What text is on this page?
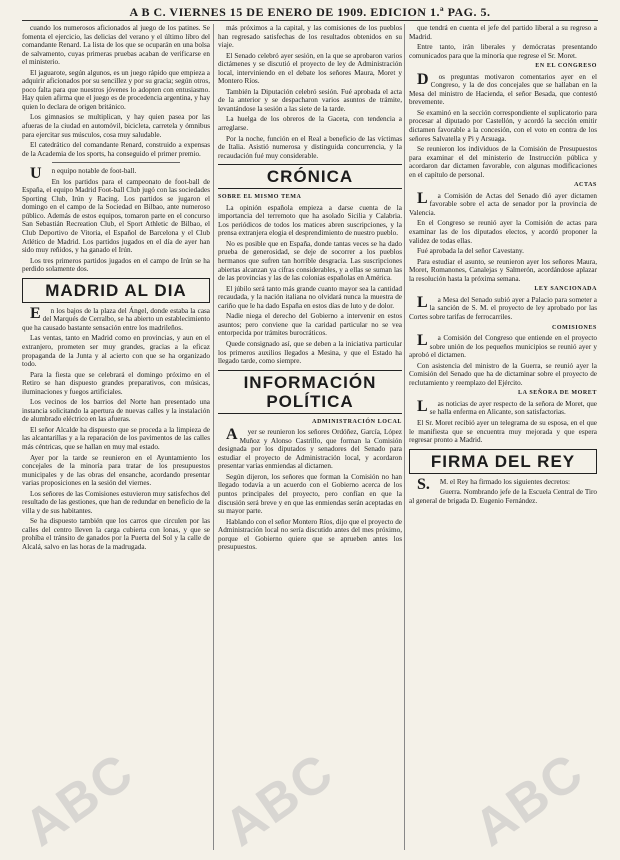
A B C. VIERNES 15 DE ENERO DE 1909. EDICION 1.ª PAG. 5.

cuando los numerosos aficionados al juego de los patines. Se fomenta el ejercicio, las delicias del verano y el último libro del comandante Renard. La lista de los que se ocuparán en una bolsa de salvamento, cuyas primeras pruebas acaban de verificarse en el ministerio.

El jaguarote, según algunos, es un juego rápido que empieza a adquirir aficionados por su sencillez y por su gracia; según otros, poco falta para que nuestros jóvenes lo adopten con entusiasmo. Hay quien afirma que el juego es de procedencia argentina, y hay quien lo declara de origen británico.

Los gimnasios se multiplican, y hay quien pasea por las afueras de la ciudad en automóvil, bicicleta, carretela y ómnibus para ejercitar sus músculos, cosa muy saludable.

El catedrático del comandante Renard, construido a expensas de la Academia de los sports, ha conseguido el primer premio.

Un equipo notable de foot-ball.

En los partidos para el campeonato de foot-ball de España, el equipo Madrid Foot-ball Club jugó con las sociedades Sporting Club, Irún y Racing. Los partidos se jugaron el domingo en el campo de la Sociedad en Bilbao, ante numeroso público. Además de estos equipos, tomaron parte en el concurso San Sebastián Recreation Club, el Sport Athletic de Bilbao, el Club Deportivo de Vitoria, el Español de Barcelona y el Club Atlético de Madrid. Los partidos jugados en el día de ayer han sido muy reñidos, y ha ganado el Irún.

Los tres primeros partidos jugados en el campo de Irún se ha perdido solamente dos.

MADRID AL DIA

En los bajos de la plaza del Ángel, donde estaba la casa del Marqués de Cerralbo, se ha abierto un establecimiento que ha causado bastante sensación entre los madrileños.

Las ventas, tanto en Madrid como en provincias, y aun en el extranjero, prometen ser muy grandes, gracias a la eficaz propaganda de la Junta y al acierto con que se ha organizado todo.

Para la fiesta que se celebrará el domingo próximo en el Retiro se han dispuesto grandes preparativos, con músicas, iluminaciones y fuegos artificiales.

Los vecinos de los barrios del Norte han presentado una instancia solicitando la apertura de nuevas calles y la instalación de alumbrado eléctrico en las afueras.

El señor Alcalde ha dispuesto que se proceda a la limpieza de las alcantarillas y a la reparación de los pavimentos de las calles más céntricas, que se hallan en muy mal estado.

Ayer por la tarde se reunieron en el Ayuntamiento los concejales de la minoría para tratar de los presupuestos municipales y de las obras del ensanche, acordando presentar varias proposiciones en la sesión del viernes.

Los señores de las Comisiones estuvieron muy satisfechos del resultado de las gestiones, que han de redundar en beneficio de la villa y de sus habitantes.

Se ha dispuesto también que los carros que circulen por las calles del centro lleven la carga cubierta con lonas, y que se prohíba el tránsito de ganados por la Puerta del Sol y la calle de Alcalá, salvo en las horas de la madrugada.

más próximos a la capital, y las comisiones de los pueblos han regresado satisfechas de los resultados obtenidos en su viaje.

El Senado celebró ayer sesión, en la que se aprobaron varios dictámenes y se discutió el proyecto de ley de Administración local, interviniendo en el debate los señores Maura, Moret y Montero Ríos.

También la Diputación celebró sesión. Fué aprobada el acta de la anterior y se despacharon varios asuntos de trámite, levantándose la sesión a las siete de la tarde.

La huelga de los obreros de la Gaceta, con tendencia a arreglarse.

Por la noche, función en el Real a beneficio de las víctimas de Italia. Asistió numerosa y distinguida concurrencia, y la recaudación fué muy considerable.

CRÓNICA
SOBRE EL MISMO TEMA

La opinión española empieza a darse cuenta de la importancia del terremoto que ha asolado Sicilia y Calabria. Los periódicos de todos los matices abren suscripciones, y la prensa extranjera elogia el desprendimiento de nuestro pueblo.

No es posible que en España, donde tantas veces se ha dado prueba de generosidad, se deje de socorrer a los pueblos hermanos que sufren tan horrible desgracia. Las suscripciones abiertas alcanzan ya cifras considerables, y a ellas se suman las de las provincias y las de las colonias españolas en América.

El júbilo será tanto más grande cuanto mayor sea la cantidad recaudada, y la nación italiana no olvidará nunca la muestra de cariño que le ha dado España en estos días de luto y de dolor.

Nadie niega el derecho del Gobierno a intervenir en estos asuntos; pero conviene que la caridad particular no se vea entorpecida por trámites burocráticos.

Quede consignado así, que se deben a la iniciativa particular los primeros auxilios llegados a Mesina, y que el Estado ha llegado tarde, como siempre.

INFORMACIÓN POLÍTICA
ADMINISTRACIÓN LOCAL

Ayer se reunieron los señores Ordóñez, García, López Muñoz y Alonso Castrillo, que forman la Comisión designada por los diputados y senadores del Senado para estudiar el proyecto de Administración local, y acordaron presentar varias enmiendas al dictamen.

Según dijeron, los señores que forman la Comisión no han llegado todavía a un acuerdo con el Gobierno acerca de los puntos principales del proyecto, pero confían en que la discusión será breve y en que las enmiendas serán aceptadas en su mayor parte.

Hablando con el señor Montero Ríos, dijo que el proyecto de Administración local no sería discutido antes del mes próximo, porque el Gobierno quiere que se aprueben antes los presupuestos.

que tendrá en cuenta el jefe del partido liberal a su regreso a Madrid.

Entre tanto, irán liberales y demócratas presentando comunicados para que la minoría que regrese el Sr. Moret.

EN EL CONGRESO

Dos preguntas motivaron comentarios ayer en el Congreso, y la de dos concejales que se hallaban en la Mesa del ministro de Hacienda, el señor Besada, que contestó brevemente.

Se examinó en la sección correspondiente el suplicatorio para procesar al diputado por Castellón, y acordó la sección emitir dictamen favorable a la concesión, con el voto en contra de los señores Salvatella y Pi y Arsuaga.

Se reunieron los individuos de la Comisión de Presupuestos para examinar el del ministerio de Instrucción pública y acordaron dar dictamen favorable, con algunas modificaciones en el capítulo de personal.

ACTAS

La Comisión de Actas del Senado dió ayer dictamen favorable sobre el acta de senador por la provincia de Valencia.

En el Congreso se reunió ayer la Comisión de actas para examinar las de los diputados electos, y acordó proponer la validez de todas ellas.

Fué aprobada la del señor Cavestany.

Para estudiar el asunto, se reunieron ayer los señores Maura, Moret, Romanones, Canalejas y Salmerón, acordándose aplazar la resolución hasta la próxima semana.

LEY SANCIONADA

La Mesa del Senado subió ayer a Palacio para someter a la sanción de S. M. el proyecto de ley aprobado por las Cortes sobre tarifas de ferrocarriles.

COMISIONES

La Comisión del Congreso que entiende en el proyecto sobre unión de los pequeños municipios se reunió ayer y aprobó el dictamen.

Con asistencia del ministro de la Guerra, se reunió ayer la Comisión del Senado que ha de dictaminar sobre el proyecto de reclutamiento y reemplazo del Ejército.

LA SEÑORA DE MORET

Las noticias de ayer respecto de la señora de Moret, que se halla enferma en Alicante, son satisfactorias.

El Sr. Moret recibió ayer un telegrama de su esposa, en el que le manifiesta que se encuentra muy mejorada y que espera regresar pronto a Madrid.

FIRMA DEL REY

S.M. el Rey ha firmado los siguientes decretos:

Guerra. Nombrando jefe de la Escuela Central de Tiro al general de brigada D. Eugenio Fernández.

ABC ABC ABC
